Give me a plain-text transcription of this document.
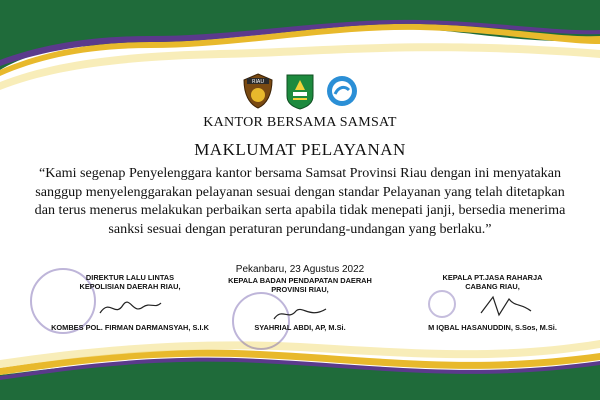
RIAU
KANTOR BERSAMA SAMSAT
MAKLUMAT PELAYANAN
“Kami segenap Penyelenggara kantor bersama Samsat Provinsi Riau dengan ini menyatakan sanggup menyelenggarakan pelayanan sesuai dengan standar Pelayanan yang telah ditetapkan dan terus menerus melakukan perbaikan serta apabila tidak menepati janji, bersedia menerima sanksi sesuai dengan peraturan perundang-undangan yang berlaku.”
DIREKTUR LALU LINTAS
KEPOLISIAN DAERAH RIAU,
KOMBES POL. FIRMAN DARMANSYAH, S.I.K
Pekanbaru, 23 Agustus 2022
KEPALA BADAN PENDAPATAN DAERAH
PROVINSI RIAU,
SYAHRIAL ABDI, AP, M.Si.
KEPALA PT.JASA RAHARJA
CABANG RIAU,
M IQBAL HASANUDDIN, S.Sos, M.Si.
